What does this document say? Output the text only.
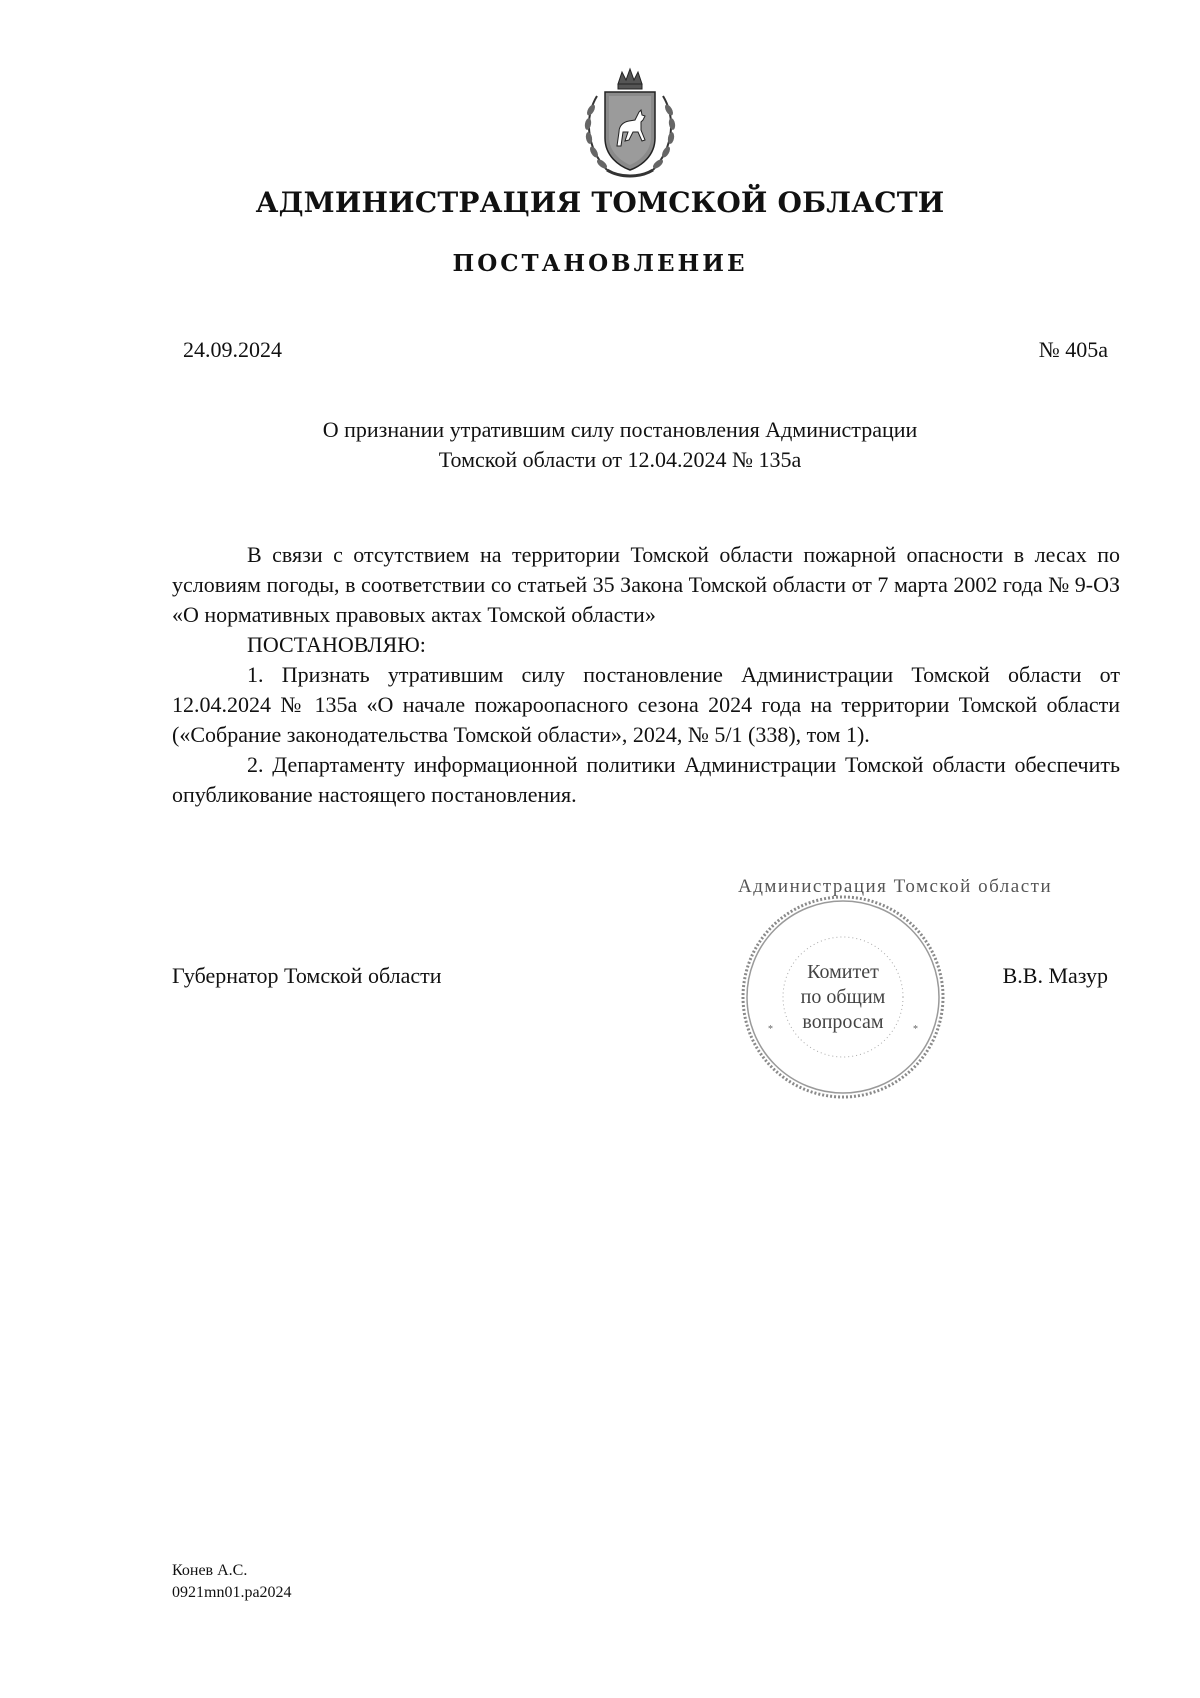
АДМИНИСТРАЦИЯ ТОМСКОЙ ОБЛАСТИ
ПОСТАНОВЛЕНИЕ
24.09.2024	№ 405а
О признании утратившим силу постановления Администрации
Томской области от 12.04.2024 № 135а

В связи с отсутствием на территории Томской области пожарной опасности в лесах по условиям погоды, в соответствии со статьей 35 Закона Томской области от 7 марта 2002 года № 9-ОЗ «О нормативных правовых актах Томской области»

ПОСТАНОВЛЯЮ:

1. Признать утратившим силу постановление Администрации Томской области от 12.04.2024 № 135а «О начале пожароопасного сезона 2024 года на территории Томской области («Собрание законодательства Томской области», 2024, № 5/1 (338), том 1).

2. Департаменту информационной политики Администрации Томской области обеспечить опубликование настоящего постановления.

Губернатор Томской области	В.В. Мазур
Администрация Томской области
*	*
Комитет
по общим
вопросам
Конев А.С.
0921mn01.ра2024
